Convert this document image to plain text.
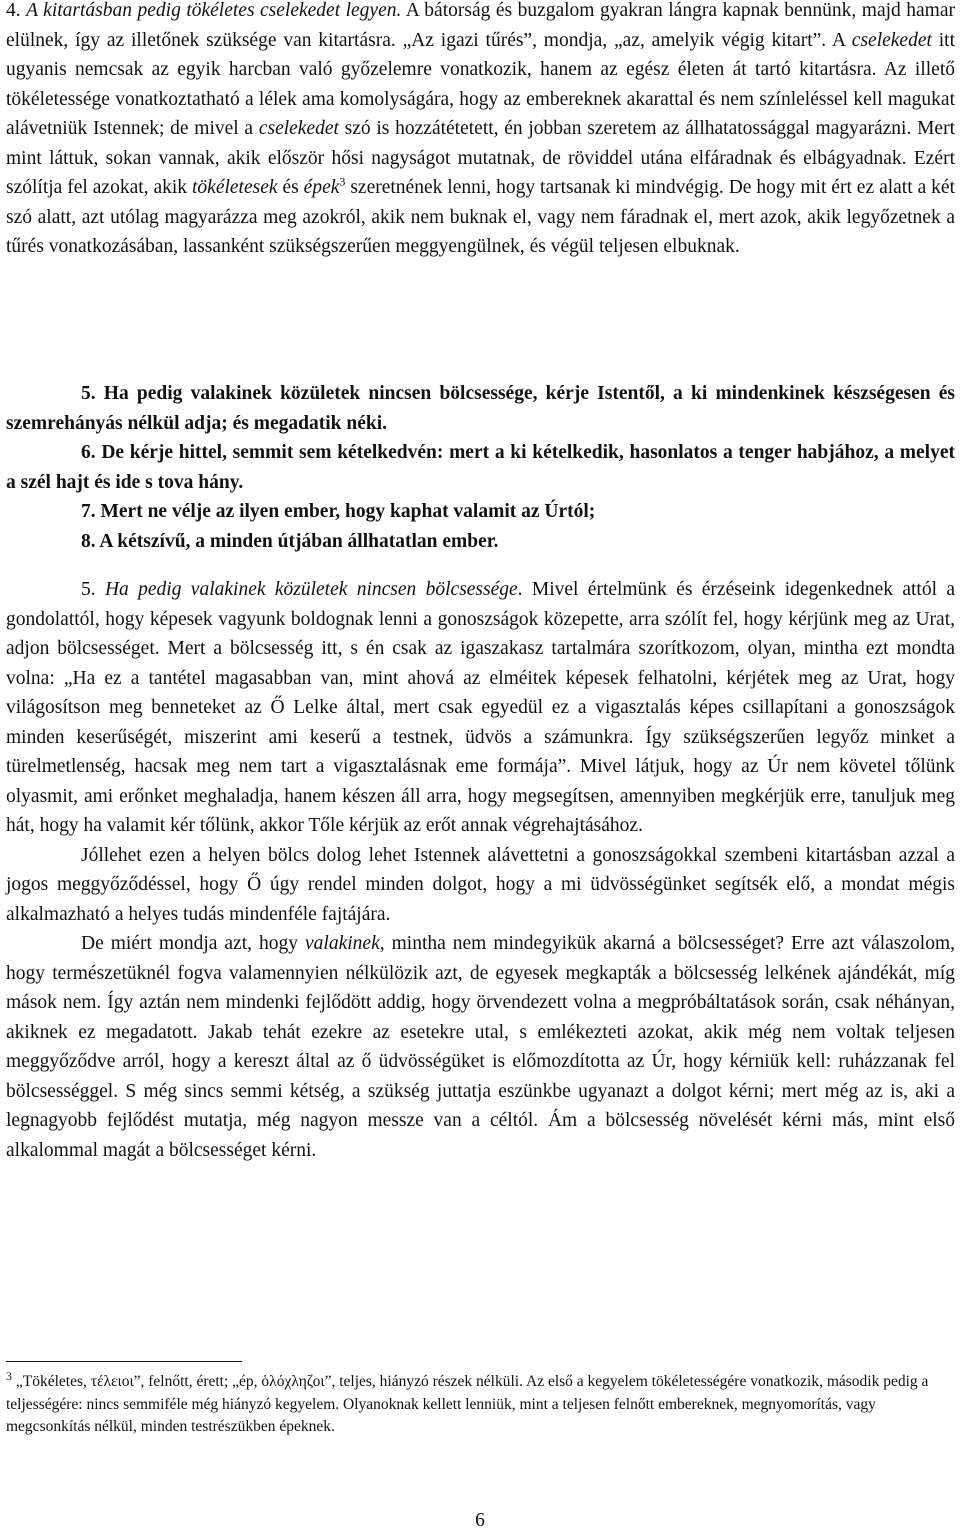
4. A kitartásban pedig tökéletes cselekedet legyen. A bátorság és buzgalom gyakran lángra kapnak bennünk, majd hamar elülnek, így az illetőnek szüksége van kitartásra. „Az igazi tűrés”, mondja, „az, amelyik végig kitart”. A cselekedet itt ugyanis nemcsak az egyik harcban való győzelemre vonatkozik, hanem az egész életen át tartó kitartásra. Az illető tökéletessége vonatkoztatható a lélek ama komolyságára, hogy az embereknek akarattal és nem színleléssel kell magukat alávetniük Istennek; de mivel a cselekedet szó is hozzátétetett, én jobban szeretem az állhatatossággal magyarázni. Mert mint láttuk, sokan vannak, akik először hősi nagyságot mutatnak, de röviddel utána elfáradnak és elbágyadnak. Ezért szólítja fel azokat, akik tökéletesek és épek$^3$ szeretnének lenni, hogy tartsanak ki mindvégig. De hogy mit ért ez alatt a két szó alatt, azt utólag magyarázza meg azokról, akik nem buknak el, vagy nem fáradnak el, mert azok, akik legyőzetnek a tűrés vonatkozásában, lassanként szükségszerűen meggyengülnek, és végül teljesen elbuknak.

5. Ha pedig valakinek közületek nincsen bölcsessége, kérje Istentől, a ki mindenkinek készségesen és szemrehányás nélkül adja; és megadatik néki.

6. De kérje hittel, semmit sem kételkedvén: mert a ki kételkedik, hasonlatos a tenger habjához, a melyet a szél hajt és ide s tova hány.

7. Mert ne vélje az ilyen ember, hogy kaphat valamit az Úrtól;

8. A kétszívű, a minden útjában állhatatlan ember.

5. Ha pedig valakinek közületek nincsen bölcsessége. Mivel értelmünk és érzéseink idegenkednek attól a gondolattól, hogy képesek vagyunk boldognak lenni a gonoszságok közepette, arra szólít fel, hogy kérjünk meg az Urat, adjon bölcsességet. Mert a bölcsesség itt, s én csak az igaszakasz tartalmára szorítkozom, olyan, mintha ezt mondta volna: „Ha ez a tantétel magasabban van, mint ahová az elméitek képesek felhatolni, kérjétek meg az Urat, hogy világosítson meg benneteket az Ő Lelke által, mert csak egyedül ez a vigasztalás képes csillapítani a gonoszságok minden keserűségét, miszerint ami keserű a testnek, üdvös a számunkra. Így szükségszerűen legyőz minket a türelmetlenség, hacsak meg nem tart a vigasztalásnak eme formája”. Mivel látjuk, hogy az Úr nem követel tőlünk olyasmit, ami erőnket meghaladja, hanem készen áll arra, hogy megsegítsen, amennyiben megkérjük erre, tanuljuk meg hát, hogy ha valamit kér tőlünk, akkor Tőle kérjük az erőt annak végrehajtásához.

Jóllehet ezen a helyen bölcs dolog lehet Istennek alávettetni a gonoszságokkal szembeni kitartásban azzal a jogos meggyőződéssel, hogy Ő úgy rendel minden dolgot, hogy a mi üdvösségünket segítsék elő, a mondat mégis alkalmazható a helyes tudás mindenféle fajtájára.

De miért mondja azt, hogy valakinek, mintha nem mindegyikük akarná a bölcsességet? Erre azt válaszolom, hogy természetüknél fogva valamennyien nélkülözik azt, de egyesek megkapták a bölcsesség lelkének ajándékát, míg mások nem. Így aztán nem mindenki fejlődött addig, hogy örvendezett volna a megpróbáltatások során, csak néhányan, akiknek ez megadatott. Jakab tehát ezekre az esetekre utal, s emlékezteti azokat, akik még nem voltak teljesen meggyőződve arról, hogy a kereszt által az ő üdvösségüket is előmozdította az Úr, hogy kérniük kell: ruházzanak fel bölcsességgel. S még sincs semmi kétség, a szükség juttatja eszünkbe ugyanazt a dolgot kérni; mert még az is, aki a legnagyobb fejlődést mutatja, még nagyon messze van a céltól. Ám a bölcsesség növelését kérni más, mint első alkalommal magát a bölcsességet kérni.

$^3$ „Tökéletes, τέλειοι”, felnőtt, érett; „ép, ὁλόχληζοι”, teljes, hiányzó részek nélküli. Az első a kegyelem tökéletességére vonatkozik, második pedig a teljességére: nincs semmiféle még hiányzó kegyelem. Olyanoknak kellett lenniük, mint a teljesen felnőtt embereknek, megnyomorítás, vagy megcsonkítás nélkül, minden testrészükben épeknek.

6
